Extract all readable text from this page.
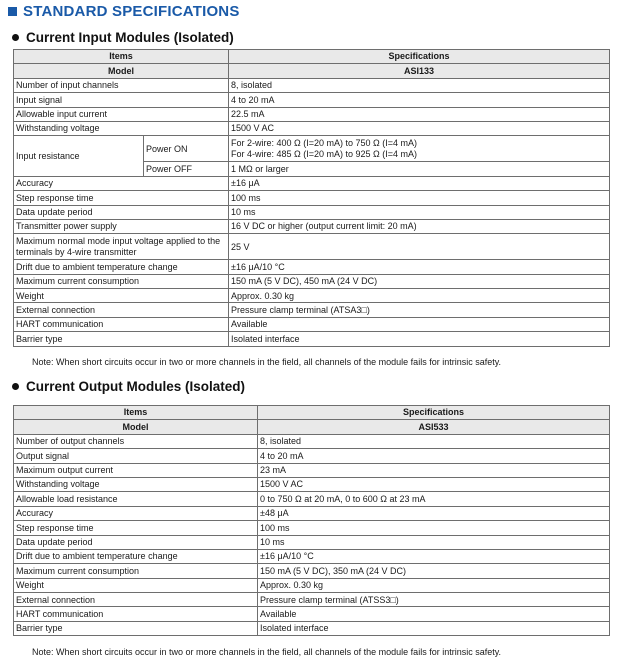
STANDARD SPECIFICATIONS
Current Input Modules (Isolated)
Items		Specifications
Model		ASI133
Number of input channels		8, isolated
Input signal		4 to 20 mA
Allowable input current		22.5 mA
Withstanding voltage		1500 V AC
Input resistance	Power ON	For 2-wire: 400 Ω (I=20 mA) to 750 Ω (I=4 mA)
For 4-wire: 485 Ω (I=20 mA) to 925 Ω (I=4 mA)

	Power OFF	1 MΩ or larger
Accuracy		±16 μA
Step response time		100 ms
Data update period		10 ms
Transmitter power supply		16 V DC or higher (output current limit: 20 mA)
Maximum normal mode input voltage applied to the terminals by 4-wire transmitter		25 V
Drift due to ambient temperature change		±16 μA/10 °C
Maximum current consumption		150 mA (5 V DC), 450 mA (24 V DC)
Weight		Approx. 0.30 kg
External connection		Pressure clamp terminal (ATSA3□)
HART communication		Available
Barrier type		Isolated interface
Note: When short circuits occur in two or more channels in the field, all channels of the module fails for intrinsic safety.
Current Output Modules (Isolated)
Items	Specifications
Model	ASI533
Number of output channels	8, isolated
Output signal	4 to 20 mA
Maximum output current	23 mA
Withstanding voltage	1500 V AC
Allowable load resistance	0 to 750 Ω at 20 mA, 0 to 600 Ω at 23 mA
Accuracy	±48 μA
Step response time	100 ms
Data update period	10 ms
Drift due to ambient temperature change	±16 μA/10 °C
Maximum current consumption	150 mA (5 V DC), 350 mA (24 V DC)
Weight	Approx. 0.30 kg
External connection	Pressure clamp terminal (ATSS3□)
HART communication	Available
Barrier type	Isolated interface
Note: When short circuits occur in two or more channels in the field, all channels of the module fails for intrinsic safety.
